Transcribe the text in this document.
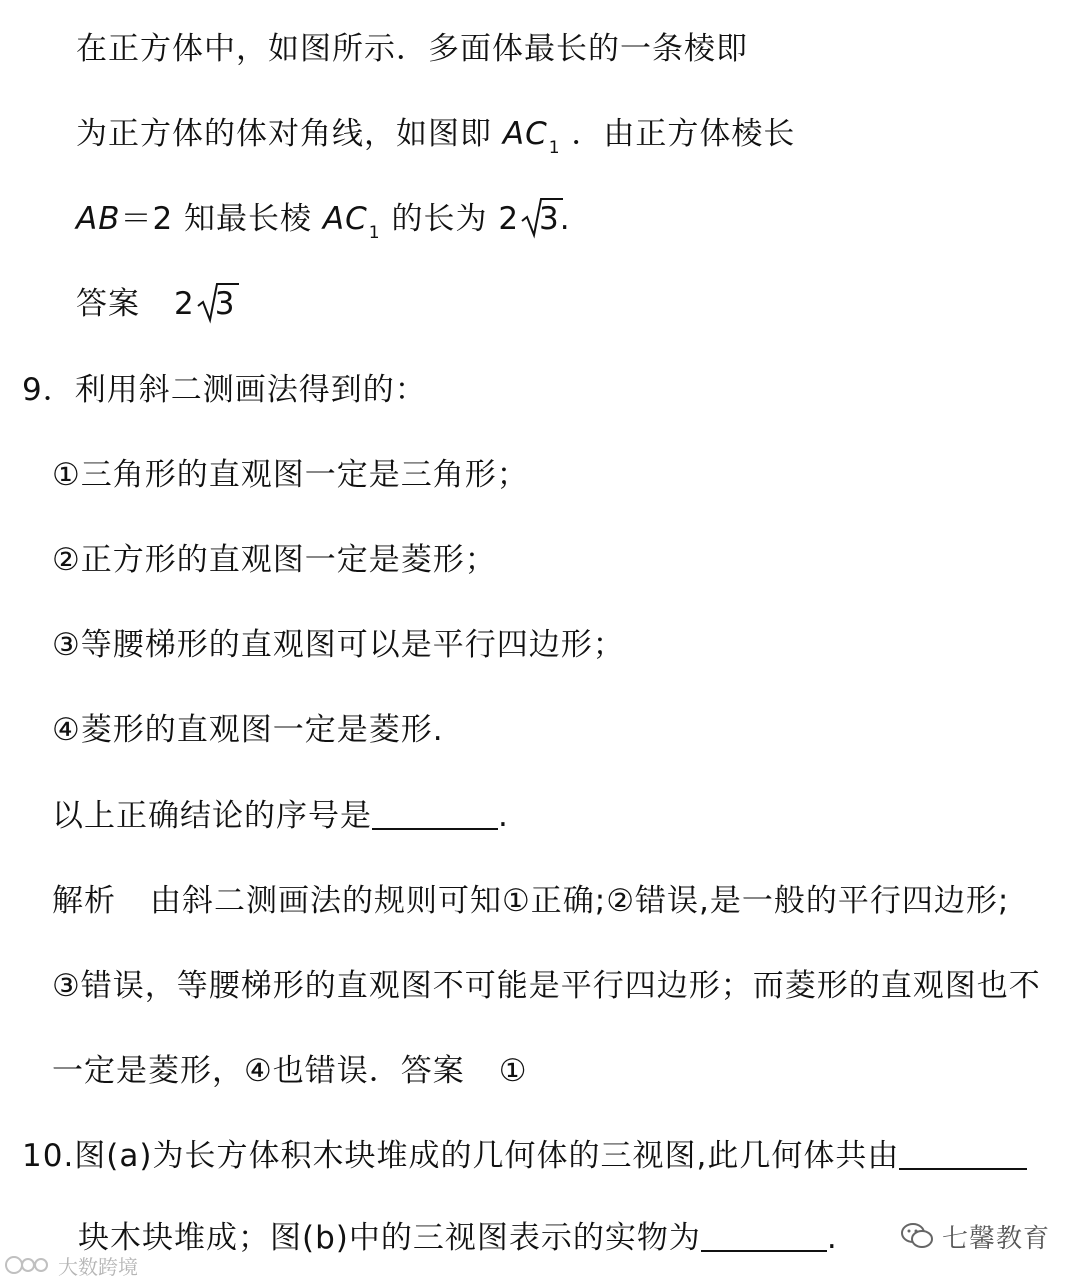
在正方体中，如图所示．多面体最长的一条棱即
为正方体的体对角线，如图即 $AC_1$ ．由正方体棱长
AB＝2 知最长棱 $AC_1$ 的长为 2 3.
答案 2 3
9．利用斜二测画法得到的：
①三角形的直观图一定是三角形；
②正方形的直观图一定是菱形；
③等腰梯形的直观图可以是平行四边形；
④菱形的直观图一定是菱形.
以上正确结论的序号是	.
解析 由斜二测画法的规则可知①正确;②错误,是一般的平行四边形;
③错误，等腰梯形的直观图不可能是平行四边形；而菱形的直观图也不
一定是菱形，④也错误．答案 ①
10.图(a)为长方体积木块堆成的几何体的三视图,此几何体共由
块木块堆成；图(b)中的三视图表示的实物为	.	七馨教育
大数跨境
